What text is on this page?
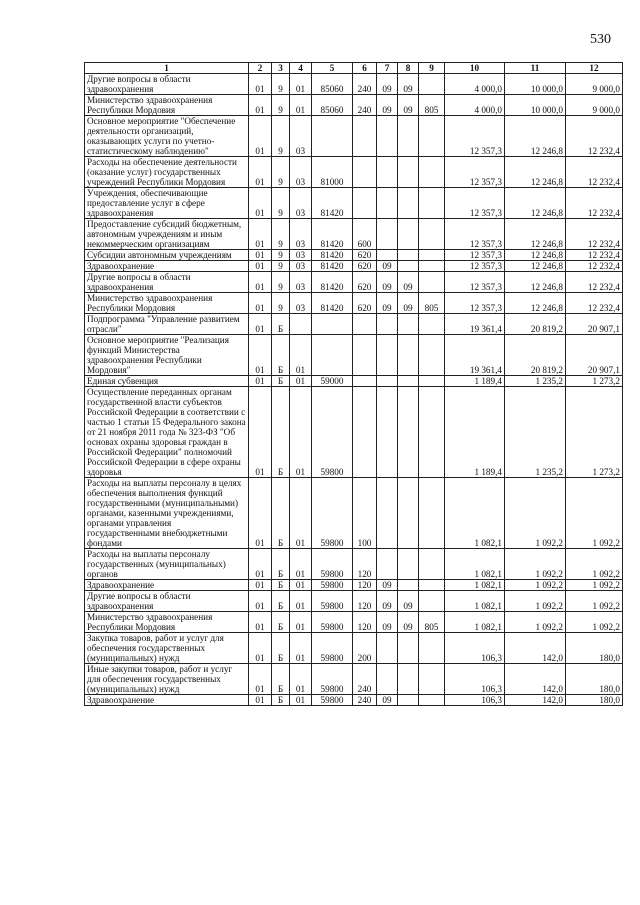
530
1	2	3	4	5	6	7	8	9	10	11	12
Другие вопросы в области здравоохранения	01	9	01	85060	240	09	09		4 000,0	10 000,0	9 000,0
Министерство здравоохранения Республики Мордовия	01	9	01	85060	240	09	09	805	4 000,0	10 000,0	9 000,0
Основное мероприятие "Обеспечение деятельности организаций, оказывающих услуги по учетно-статистическому наблюдению"	01	9	03						12 357,3	12 246,8	12 232,4
Расходы на обеспечение деятельности (оказание услуг) государственных учреждений Республики Мордовия	01	9	03	81000					12 357,3	12 246,8	12 232,4
Учреждения, обеспечивающие предоставление услуг в сфере здравоохранения	01	9	03	81420					12 357,3	12 246,8	12 232,4
Предоставление субсидий бюджетным, автономным учреждениям и иным некоммерческим организациям	01	9	03	81420	600				12 357,3	12 246,8	12 232,4
Субсидии автономным учреждениям	01	9	03	81420	620				12 357,3	12 246,8	12 232,4
Здравоохранение	01	9	03	81420	620	09			12 357,3	12 246,8	12 232,4
Другие вопросы в области здравоохранения	01	9	03	81420	620	09	09		12 357,3	12 246,8	12 232,4
Министерство здравоохранения Республики Мордовия	01	9	03	81420	620	09	09	805	12 357,3	12 246,8	12 232,4
Подпрограмма "Управление развитием отрасли"	01	Б							19 361,4	20 819,2	20 907,1
Основное мероприятие "Реализация функций Министерства здравоохранения Республики Мордовия"	01	Б	01						19 361,4	20 819,2	20 907,1
Единая субвенция	01	Б	01	59000					1 189,4	1 235,2	1 273,2
Осуществление переданных органам государственной власти субъектов Российской Федерации в соответствии с частью 1 статьи 15 Федерального закона от 21 ноября 2011 года № 323-ФЗ "Об основах охраны здоровья граждан в Российской Федерации" полномочий Российской Федерации в сфере охраны здоровья	01	Б	01	59800					1 189,4	1 235,2	1 273,2
Расходы на выплаты персоналу в целях обеспечения выполнения функций государственными (муниципальными) органами, казенными учреждениями, органами управления государственными внебюджетными фондами	01	Б	01	59800	100				1 082,1	1 092,2	1 092,2
Расходы на выплаты персоналу государственных (муниципальных) органов	01	Б	01	59800	120				1 082,1	1 092,2	1 092,2
Здравоохранение	01	Б	01	59800	120	09			1 082,1	1 092,2	1 092,2
Другие вопросы в области здравоохранения	01	Б	01	59800	120	09	09		1 082,1	1 092,2	1 092,2
Министерство здравоохранения Республики Мордовия	01	Б	01	59800	120	09	09	805	1 082,1	1 092,2	1 092,2
Закупка товаров, работ и услуг для обеспечения государственных (муниципальных) нужд	01	Б	01	59800	200				106,3	142,0	180,0
Иные закупки товаров, работ и услуг для обеспечения государственных (муниципальных) нужд	01	Б	01	59800	240				106,3	142,0	180,0
Здравоохранение	01	Б	01	59800	240	09			106,3	142,0	180,0
